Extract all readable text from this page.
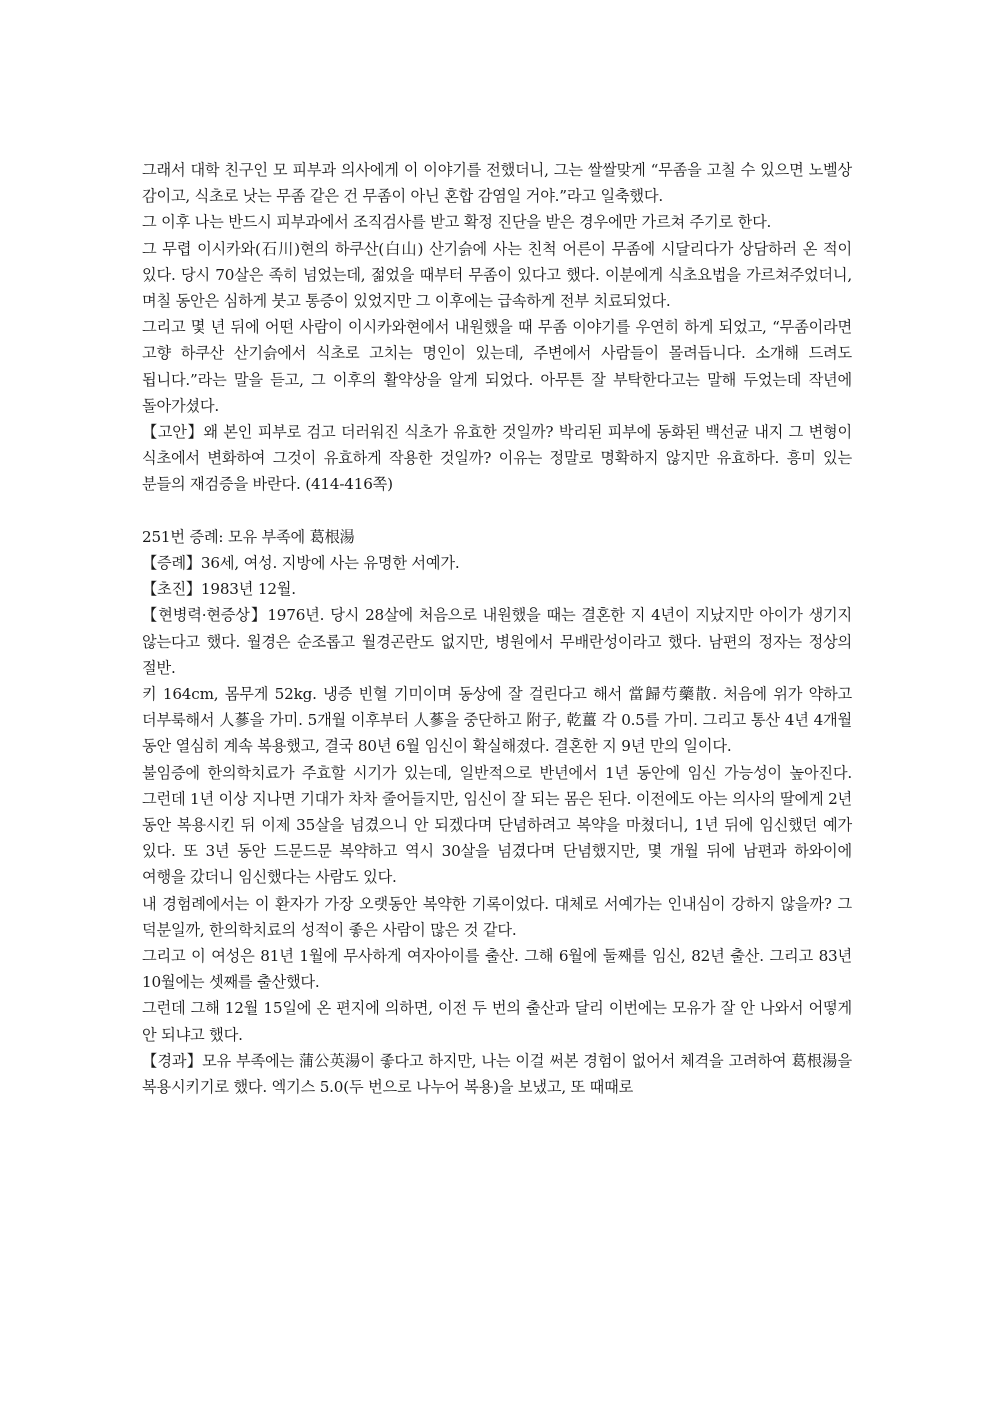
그래서 대학 친구인 모 피부과 의사에게 이 이야기를 전했더니, 그는 쌀쌀맞게 “무좀을 고칠 수 있으면 노벨상 감이고, 식초로 낫는 무좀 같은 건 무좀이 아닌 혼합 감염일 거야.”라고 일축했다.

그 이후 나는 반드시 피부과에서 조직검사를 받고 확정 진단을 받은 경우에만 가르쳐 주기로 한다.

그 무렵 이시카와(石川)현의 하쿠산(白山) 산기슭에 사는 친척 어른이 무좀에 시달리다가 상담하러 온 적이 있다. 당시 70살은 족히 넘었는데, 젊었을 때부터 무좀이 있다고 했다. 이분에게 식초요법을 가르쳐주었더니, 며칠 동안은 심하게 붓고 통증이 있었지만 그 이후에는 급속하게 전부 치료되었다.

그리고 몇 년 뒤에 어떤 사람이 이시카와현에서 내원했을 때 무좀 이야기를 우연히 하게 되었고, “무좀이라면 고향 하쿠산 산기슭에서 식초로 고치는 명인이 있는데, 주변에서 사람들이 몰려듭니다. 소개해 드려도 됩니다.”라는 말을 듣고, 그 이후의 활약상을 알게 되었다. 아무튼 잘 부탁한다고는 말해 두었는데 작년에 돌아가셨다.

【고안】왜 본인 피부로 검고 더러워진 식초가 유효한 것일까? 박리된 피부에 동화된 백선균 내지 그 변형이 식초에서 변화하여 그것이 유효하게 작용한 것일까? 이유는 정말로 명확하지 않지만 유효하다. 흥미 있는 분들의 재검증을 바란다. (414-416쪽)

251번 증례: 모유 부족에 葛根湯

【증례】36세, 여성. 지방에 사는 유명한 서예가.

【초진】1983년 12월.

【현병력·현증상】1976년. 당시 28살에 처음으로 내원했을 때는 결혼한 지 4년이 지났지만 아이가 생기지 않는다고 했다. 월경은 순조롭고 월경곤란도 없지만, 병원에서 무배란성이라고 했다. 남편의 정자는 정상의 절반.

키 164cm, 몸무게 52kg. 냉증 빈혈 기미이며 동상에 잘 걸린다고 해서 當歸芍藥散. 처음에 위가 약하고 더부룩해서 人蔘을 가미. 5개월 이후부터 人蔘을 중단하고 附子, 乾薑 각 0.5를 가미. 그리고 통산 4년 4개월 동안 열심히 계속 복용했고, 결국 80년 6월 임신이 확실해졌다. 결혼한 지 9년 만의 일이다.

불임증에 한의학치료가 주효할 시기가 있는데, 일반적으로 반년에서 1년 동안에 임신 가능성이 높아진다. 그런데 1년 이상 지나면 기대가 차차 줄어들지만, 임신이 잘 되는 몸은 된다. 이전에도 아는 의사의 딸에게 2년 동안 복용시킨 뒤 이제 35살을 넘겼으니 안 되겠다며 단념하려고 복약을 마쳤더니, 1년 뒤에 임신했던 예가 있다. 또 3년 동안 드문드문 복약하고 역시 30살을 넘겼다며 단념했지만, 몇 개월 뒤에 남편과 하와이에 여행을 갔더니 임신했다는 사람도 있다.

내 경험례에서는 이 환자가 가장 오랫동안 복약한 기록이었다. 대체로 서예가는 인내심이 강하지 않을까? 그 덕분일까, 한의학치료의 성적이 좋은 사람이 많은 것 같다.

그리고 이 여성은 81년 1월에 무사하게 여자아이를 출산. 그해 6월에 둘째를 임신, 82년 출산. 그리고 83년 10월에는 셋째를 출산했다.

그런데 그해 12월 15일에 온 편지에 의하면, 이전 두 번의 출산과 달리 이번에는 모유가 잘 안 나와서 어떻게 안 되냐고 했다.

【경과】모유 부족에는 蒲公英湯이 좋다고 하지만, 나는 이걸 써본 경험이 없어서 체격을 고려하여 葛根湯을 복용시키기로 했다. 엑기스 5.0(두 번으로 나누어 복용)을 보냈고, 또 때때로
